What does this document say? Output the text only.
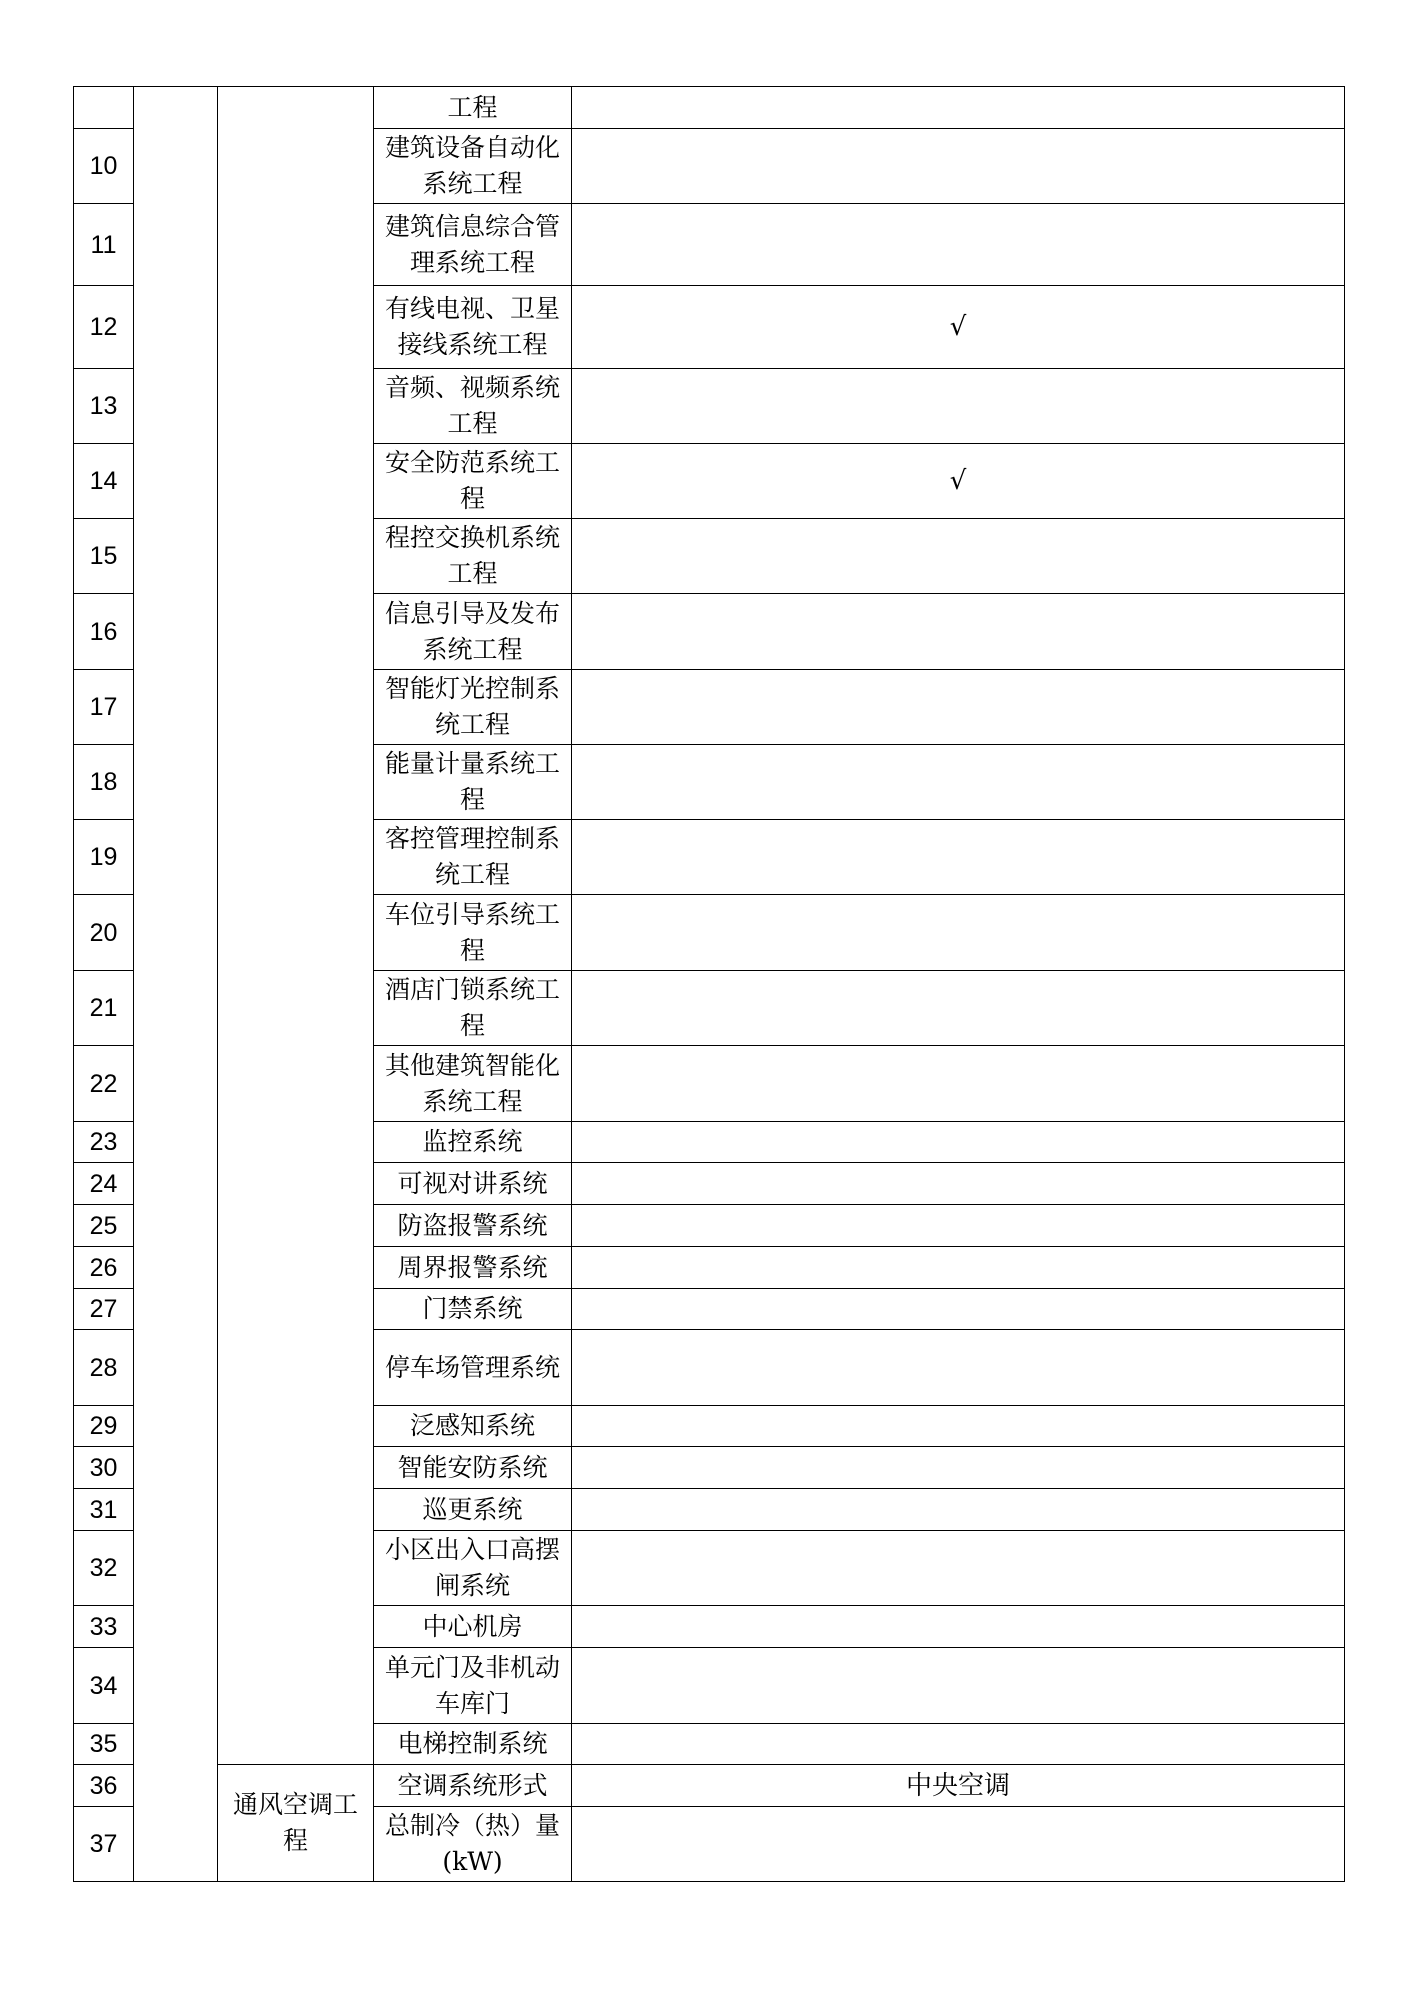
			工程	
10			建筑设备自动化系统工程	
11			建筑信息综合管理系统工程	
12			有线电视、卫星接线系统工程	√
13			音频、视频系统工程	
14			安全防范系统工程	√
15			程控交换机系统工程	
16			信息引导及发布系统工程	
17			智能灯光控制系统工程	
18			能量计量系统工程	
19			客控管理控制系统工程	
20			车位引导系统工程	
21			酒店门锁系统工程	
22			其他建筑智能化系统工程	
23			监控系统	
24			可视对讲系统	
25			防盗报警系统	
26			周界报警系统	
27			门禁系统	
28			停车场管理系统	
29			泛感知系统	
30			智能安防系统	
31			巡更系统	
32			小区出入口高摆闸系统	
33			中心机房	
34			单元门及非机动车库门	
35			电梯控制系统	
36		通风空调工程	空调系统形式	中央空调
37			总制冷（热）量(kW)	
